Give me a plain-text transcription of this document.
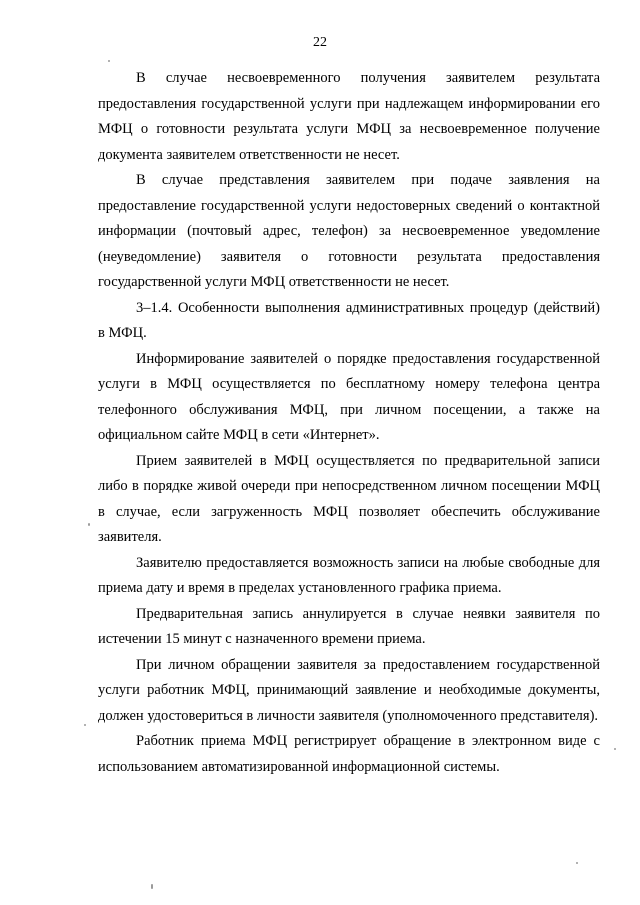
22

В случае несвоевременного получения заявителем результата предоставления государственной услуги при надлежащем информировании его МФЦ о готовности результата услуги МФЦ за несвоевременное получение документа заявителем ответственности не несет.

В случае представления заявителем при подаче заявления на предоставление государственной услуги недостоверных сведений о контактной информации (почтовый адрес, телефон) за несвоевременное уведомление (неуведомление) заявителя о готовности результата предоставления государственной услуги МФЦ ответственности не несет.

3–1.4. Особенности выполнения административных процедур (действий) в МФЦ.

Информирование заявителей о порядке предоставления государственной услуги в МФЦ осуществляется по бесплатному номеру телефона центра телефонного обслуживания МФЦ, при личном посещении, а также на официальном сайте МФЦ в сети «Интернет».

Прием заявителей в МФЦ осуществляется по предварительной записи либо в порядке живой очереди при непосредственном личном посещении МФЦ в случае, если загруженность МФЦ позволяет обеспечить обслуживание заявителя.

Заявителю предоставляется возможность записи на любые свободные для приема дату и время в пределах установленного графика приема.

Предварительная запись аннулируется в случае неявки заявителя по истечении 15 минут с назначенного времени приема.

При личном обращении заявителя за предоставлением государственной услуги работник МФЦ, принимающий заявление и необходимые документы, должен удостовериться в личности заявителя (уполномоченного представителя).

Работник приема МФЦ регистрирует обращение в электронном виде с использованием автоматизированной информационной системы.
